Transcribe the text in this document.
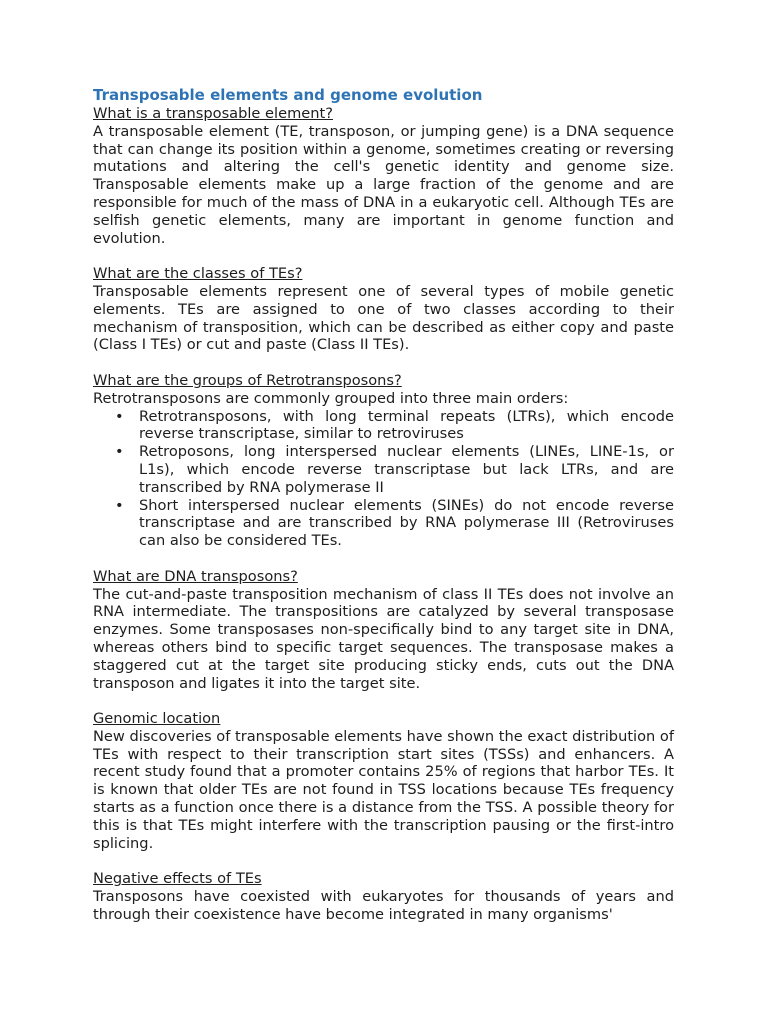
Transposable elements and genome evolution
What is a transposable element?

A transposable element (TE, transposon, or jumping gene) is a DNA sequence that can change its position within a genome, sometimes creating or reversing mutations and altering the cell's genetic identity and genome size. Transposable elements make up a large fraction of the genome and are responsible for much of the mass of DNA in a eukaryotic cell. Although TEs are selfish genetic elements, many are important in genome function and evolution.

What are the classes of TEs?

Transposable elements represent one of several types of mobile genetic elements. TEs are assigned to one of two classes according to their mechanism of transposition, which can be described as either copy and paste (Class I TEs) or cut and paste (Class II TEs).

What are the groups of Retrotransposons?

Retrotransposons are commonly grouped into three main orders:

• Retrotransposons, with long terminal repeats (LTRs), which encode reverse transcriptase, similar to retroviruses
• Retroposons, long interspersed nuclear elements (LINEs, LINE-1s, or L1s), which encode reverse transcriptase but lack LTRs, and are transcribed by RNA polymerase II
• Short interspersed nuclear elements (SINEs) do not encode reverse transcriptase and are transcribed by RNA polymerase III (Retroviruses can also be considered TEs.
What are DNA transposons?

The cut-and-paste transposition mechanism of class II TEs does not involve an RNA intermediate. The transpositions are catalyzed by several transposase enzymes. Some transposases non-specifically bind to any target site in DNA, whereas others bind to specific target sequences. The transposase makes a staggered cut at the target site producing sticky ends, cuts out the DNA transposon and ligates it into the target site.

Genomic location

New discoveries of transposable elements have shown the exact distribution of TEs with respect to their transcription start sites (TSSs) and enhancers. A recent study found that a promoter contains 25% of regions that harbor TEs. It is known that older TEs are not found in TSS locations because TEs frequency starts as a function once there is a distance from the TSS. A possible theory for this is that TEs might interfere with the transcription pausing or the first-intro splicing.

Negative effects of TEs

Transposons have coexisted with eukaryotes for thousands of years and through their coexistence have become integrated in many organisms'
